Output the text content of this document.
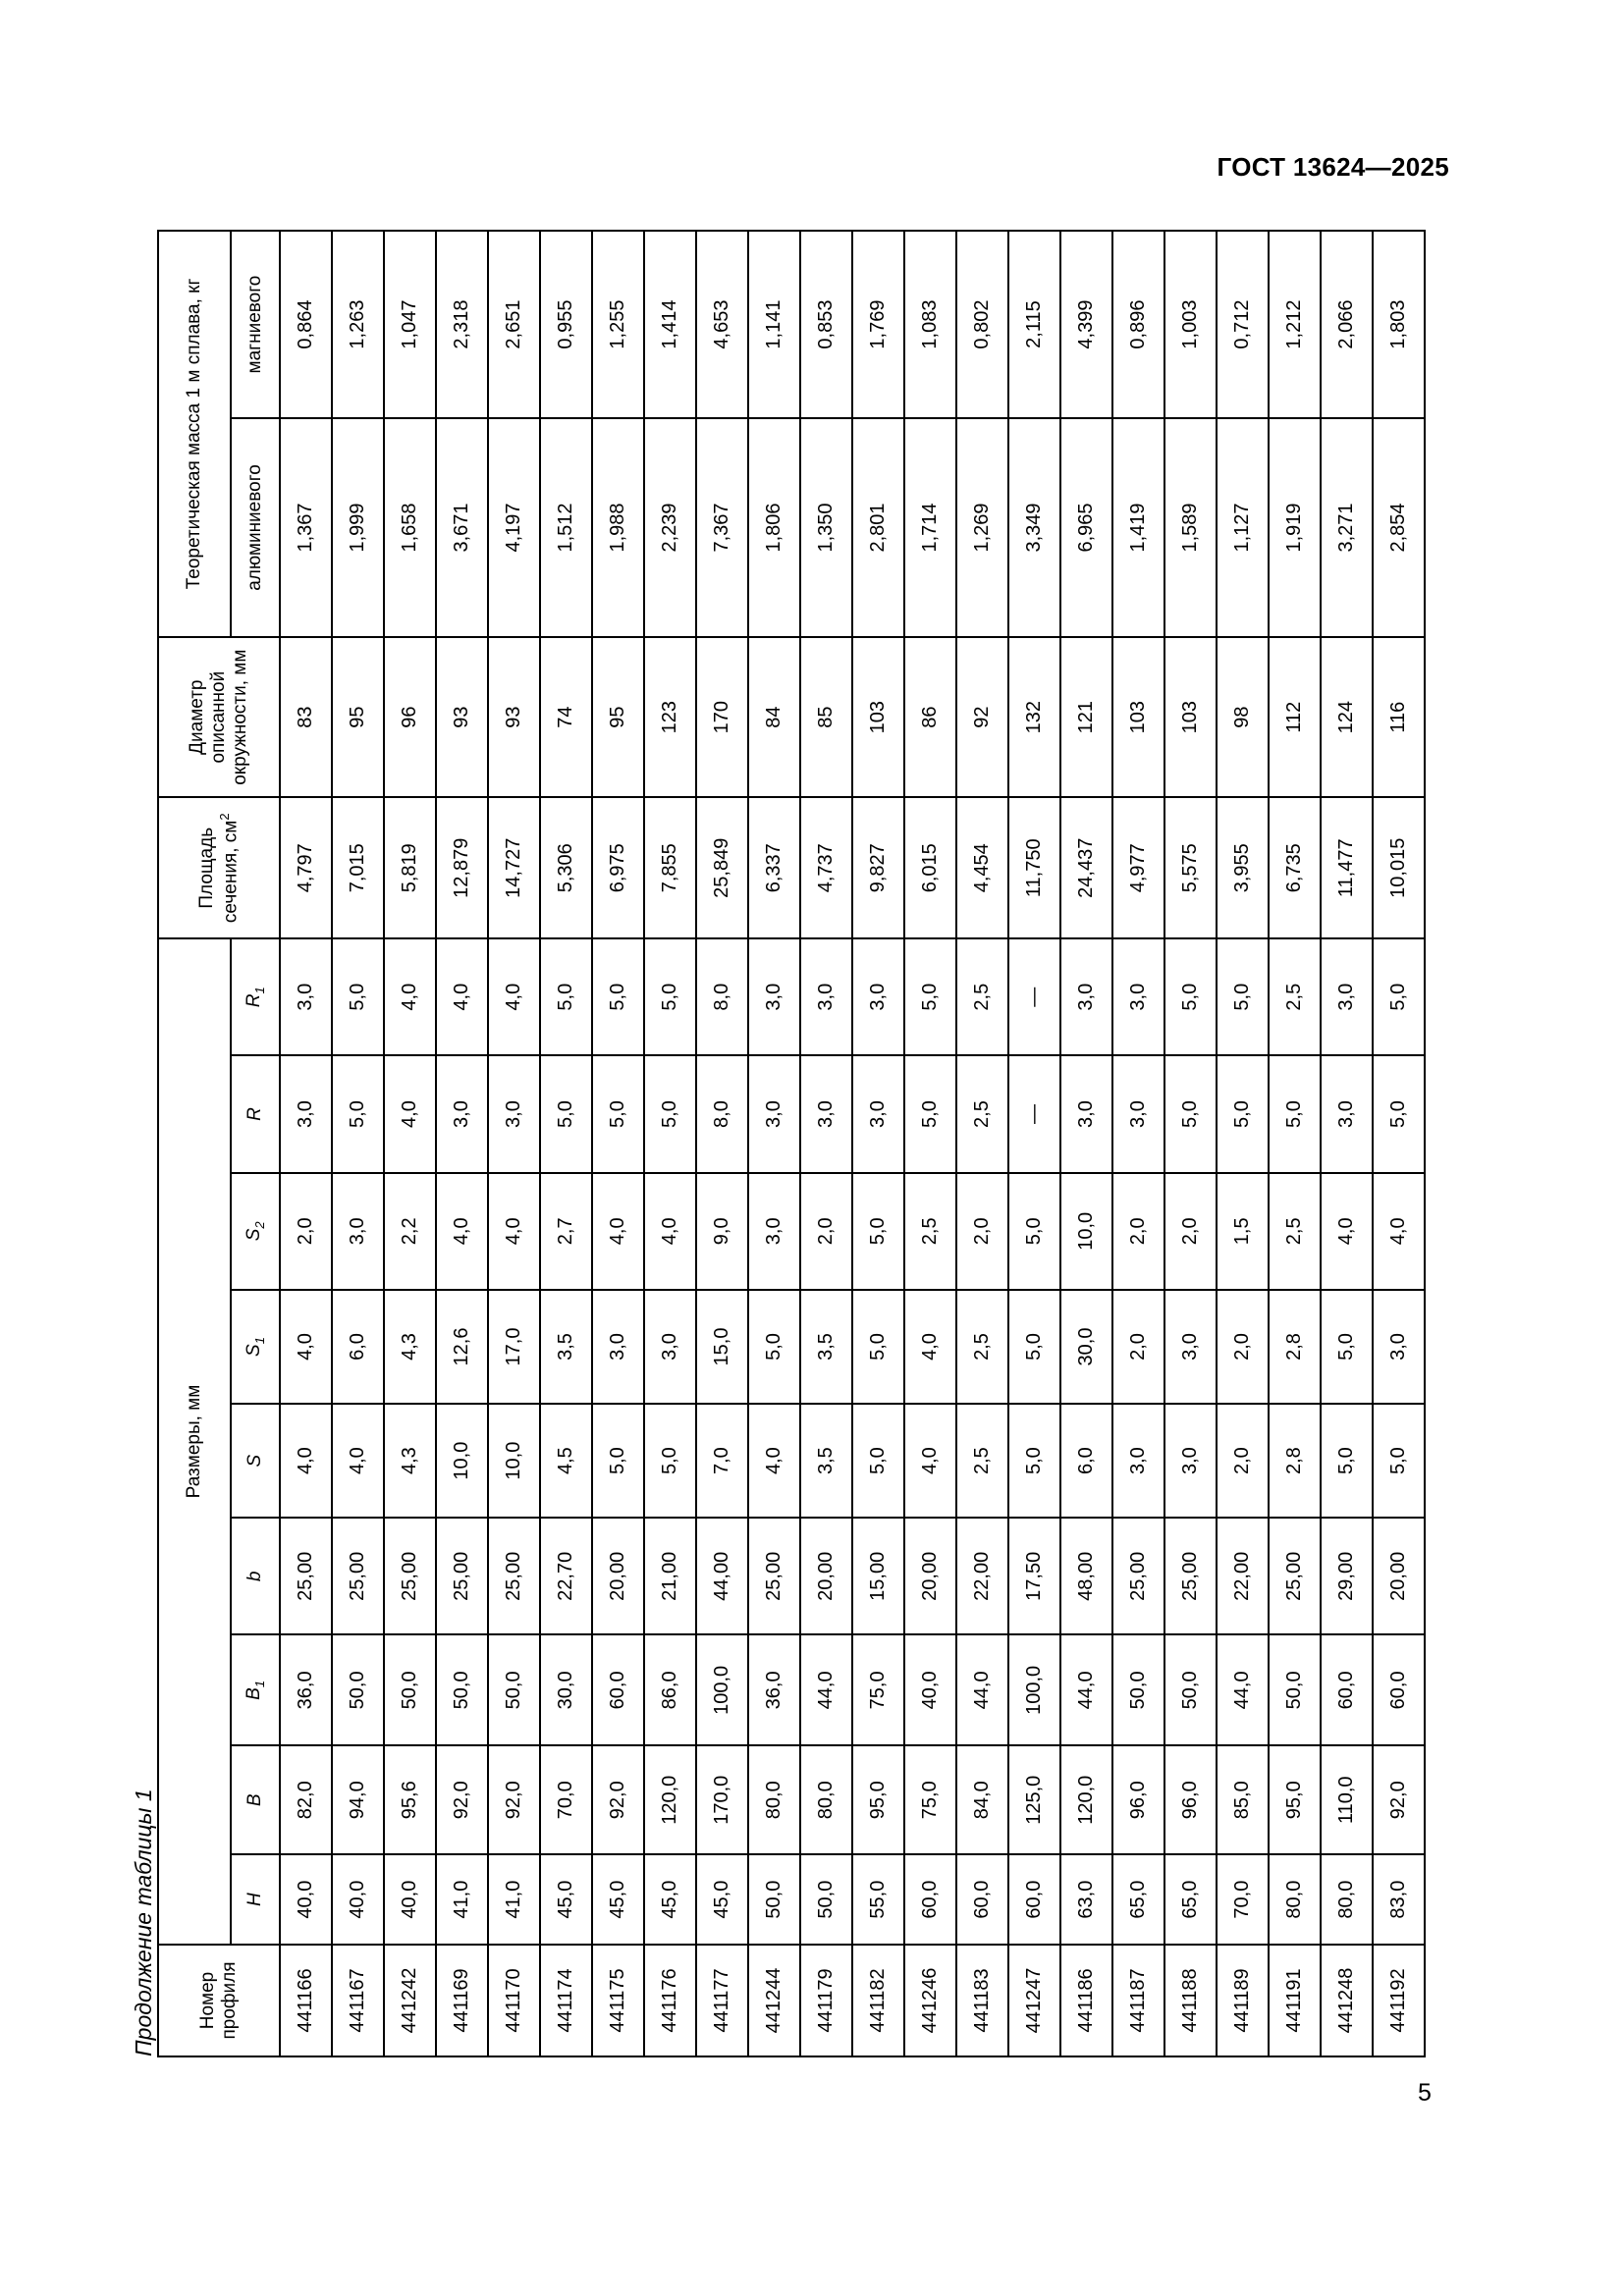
ГОСТ 13624—2025
Продолжение таблицы 1 Номер профиля	Размеры, мм									Площадь сечения, $см^2$	Диаметр описанной окружности, мм	Теоретическая масса 1 м сплава, кг	
	H	B	$B_1$	b	S	$S_1$	$S_2$	R	$R_1$			алюминиевого	магниевого
441166	40,0	82,0	36,0	25,00	4,0	4,0	2,0	3,0	3,0	4,797	83	1,367	0,864
441167	40,0	94,0	50,0	25,00	4,0	6,0	3,0	5,0	5,0	7,015	95	1,999	1,263
441242	40,0	95,6	50,0	25,00	4,3	4,3	2,2	4,0	4,0	5,819	96	1,658	1,047
441169	41,0	92,0	50,0	25,00	10,0	12,6	4,0	3,0	4,0	12,879	93	3,671	2,318
441170	41,0	92,0	50,0	25,00	10,0	17,0	4,0	3,0	4,0	14,727	93	4,197	2,651
441174	45,0	70,0	30,0	22,70	4,5	3,5	2,7	5,0	5,0	5,306	74	1,512	0,955
441175	45,0	92,0	60,0	20,00	5,0	3,0	4,0	5,0	5,0	6,975	95	1,988	1,255
441176	45,0	120,0	86,0	21,00	5,0	3,0	4,0	5,0	5,0	7,855	123	2,239	1,414
441177	45,0	170,0	100,0	44,00	7,0	15,0	9,0	8,0	8,0	25,849	170	7,367	4,653
441244	50,0	80,0	36,0	25,00	4,0	5,0	3,0	3,0	3,0	6,337	84	1,806	1,141
441179	50,0	80,0	44,0	20,00	3,5	3,5	2,0	3,0	3,0	4,737	85	1,350	0,853
441182	55,0	95,0	75,0	15,00	5,0	5,0	5,0	3,0	3,0	9,827	103	2,801	1,769
441246	60,0	75,0	40,0	20,00	4,0	4,0	2,5	5,0	5,0	6,015	86	1,714	1,083
441183	60,0	84,0	44,0	22,00	2,5	2,5	2,0	2,5	2,5	4,454	92	1,269	0,802
441247	60,0	125,0	100,0	17,50	5,0	5,0	5,0	—	—	11,750	132	3,349	2,115
441186	63,0	120,0	44,0	48,00	6,0	30,0	10,0	3,0	3,0	24,437	121	6,965	4,399
441187	65,0	96,0	50,0	25,00	3,0	2,0	2,0	3,0	3,0	4,977	103	1,419	0,896
441188	65,0	96,0	50,0	25,00	3,0	3,0	2,0	5,0	5,0	5,575	103	1,589	1,003
441189	70,0	85,0	44,0	22,00	2,0	2,0	1,5	5,0	5,0	3,955	98	1,127	0,712
441191	80,0	95,0	50,0	25,00	2,8	2,8	2,5	5,0	2,5	6,735	112	1,919	1,212
441248	80,0	110,0	60,0	29,00	5,0	5,0	4,0	3,0	3,0	11,477	124	3,271	2,066
441192	83,0	92,0	60,0	20,00	5,0	3,0	4,0	5,0	5,0	10,015	116	2,854	1,803
5
